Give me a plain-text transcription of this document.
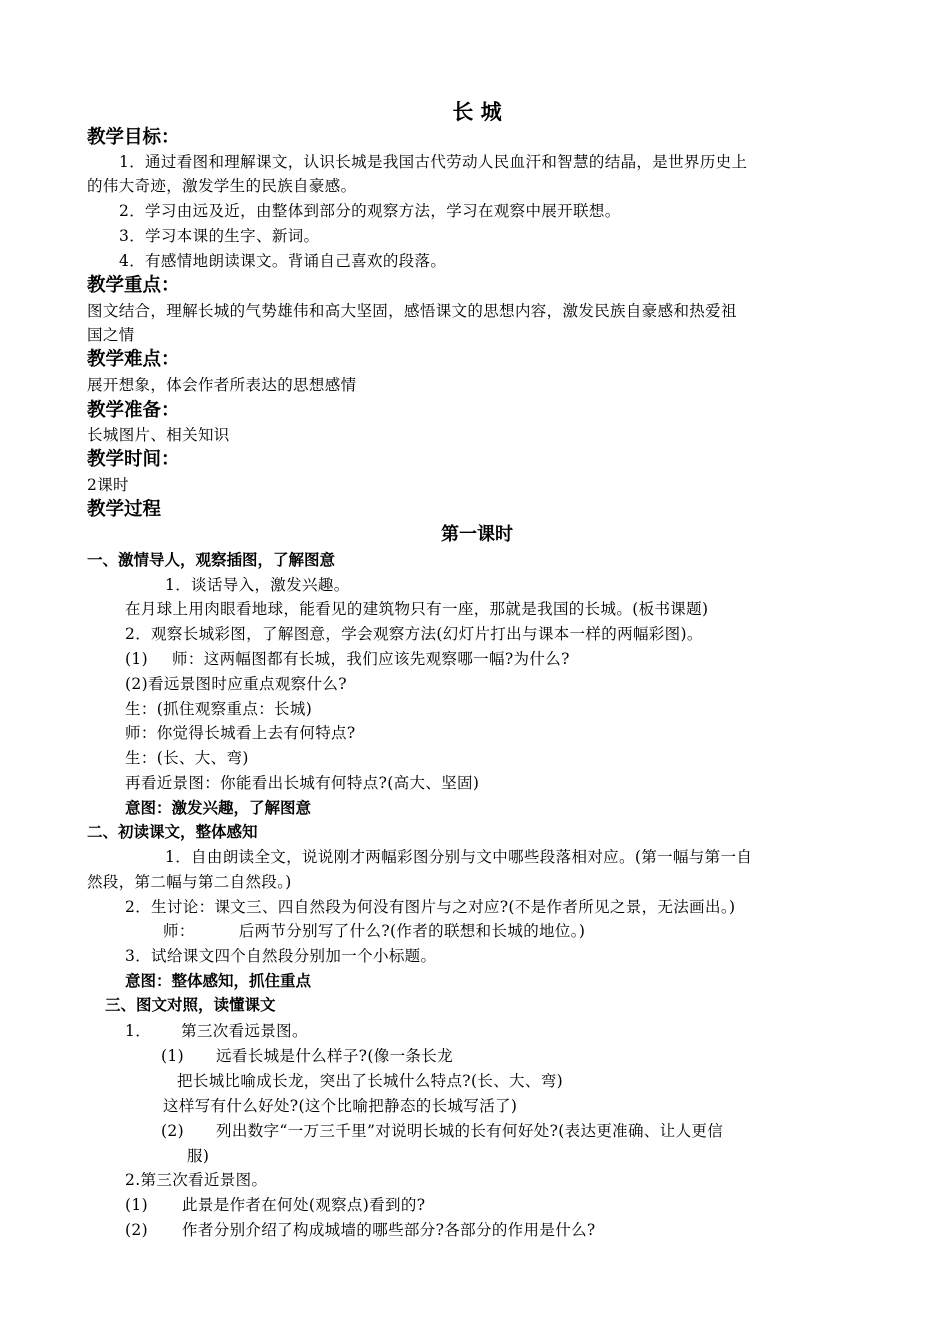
长 城
教学目标：
1．通过看图和理解课文，认识长城是我国古代劳动人民血汗和智慧的结晶，是世界历史上
的伟大奇迹，激发学生的民族自豪感。
2．学习由远及近，由整体到部分的观察方法，学习在观察中展开联想。
3．学习本课的生字、新词。
4．有感情地朗读课文。背诵自己喜欢的段落。
教学重点：
图文结合，理解长城的气势雄伟和高大坚固，感悟课文的思想内容，激发民族自豪感和热爱祖
国之情
教学难点：
展开想象，体会作者所表达的思想感情
教学准备：
长城图片、相关知识
教学时间：
2课时
教学过程
第一课时
一、激情导人，观察插图，了解图意
1．谈话导入，激发兴趣。
在月球上用肉眼看地球，能看见的建筑物只有一座，那就是我国的长城。(板书课题)
2．观察长城彩图，了解图意，学会观察方法(幻灯片打出与课本一样的两幅彩图)。
(1) 师：这两幅图都有长城，我们应该先观察哪一幅?为什么?
(2)看远景图时应重点观察什么?
生：(抓住观察重点：长城)
师：你觉得长城看上去有何特点?
生：(长、大、弯)
再看近景图：你能看出长城有何特点?(高大、坚固)
意图：激发兴趣，了解图意
二、初读课文，整体感知
1．自由朗读全文，说说刚才两幅彩图分别与文中哪些段落相对应。(第一幅与第一自
然段，第二幅与第二自然段。)
2．生讨论：课文三、四自然段为何没有图片与之对应?(不是作者所见之景，无法画出。)
师：	后两节分别写了什么?(作者的联想和长城的地位。)
3．试给课文四个自然段分别加一个小标题。
意图：整体感知，抓住重点
三、图文对照，读懂课文
1． 第三次看远景图。
(1) 远看长城是什么样子?(像一条长龙
把长城比喻成长龙，突出了长城什么特点?(长、大、弯)
这样写有什么好处?(这个比喻把静态的长城写活了)
(2) 列出数字“一万三千里”对说明长城的长有何好处?(表达更准确、让人更信
服)
2.第三次看近景图。
(1) 此景是作者在何处(观察点)看到的?
(2) 作者分别介绍了构成城墙的哪些部分?各部分的作用是什么?
